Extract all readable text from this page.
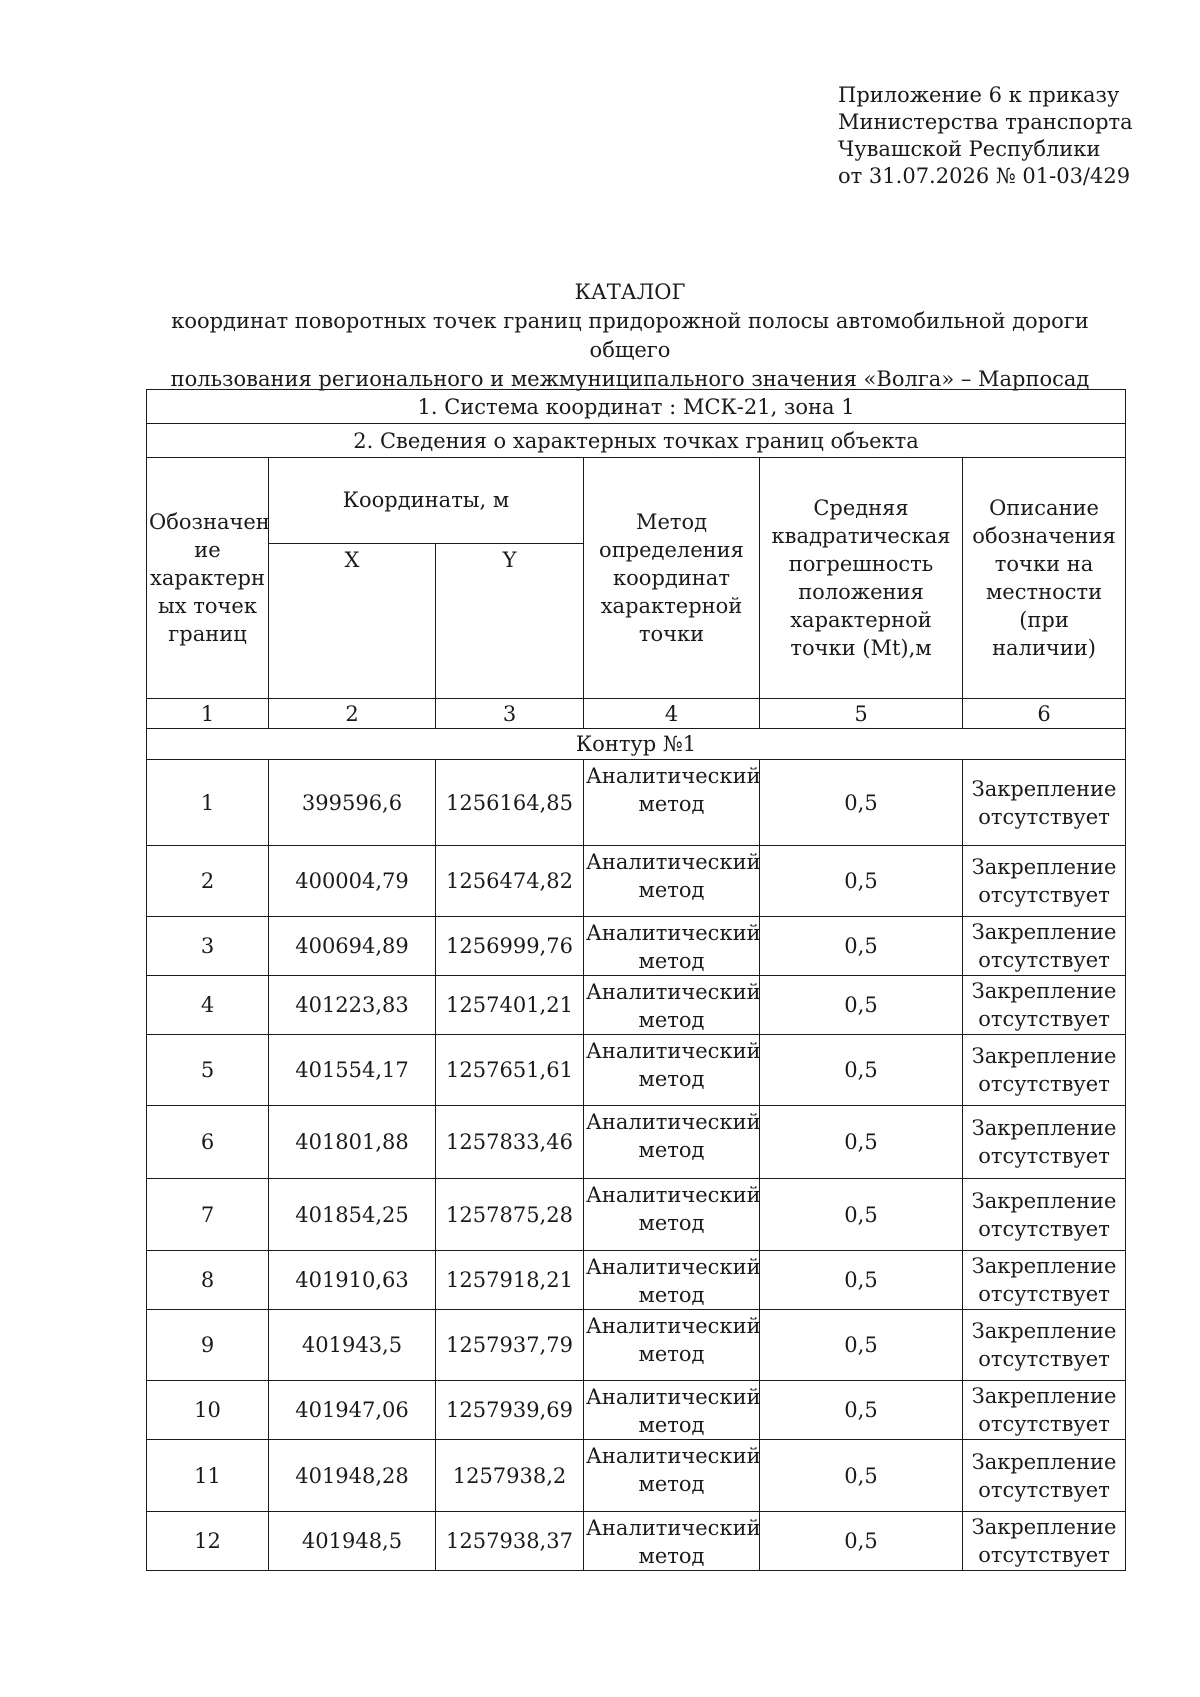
Приложение 6 к приказу
Министерства транспорта
Чувашской Республики
от 31.07.2026 № 01-03/429
КАТАЛОГ
координат поворотных точек границ придорожной полосы автомобильной дороги общего
пользования регионального и межмуниципального значения «Волга» – Марпосад
1. Система координат : МСК-21, зона 1					
2. Сведения о характерных точках границ объекта					
Обозначен ие характерн ых точек границ	Координаты, м		Метод определения координат характерной точки	Средняя квадратическая погрешность положения характерной точки (Mt),м	Описание обозначения точки на местности (при наличии)
	X	Y			
1	2	3	4	5	6
Контур №1					
1	399596,6	1256164,85	Аналитический метод	0,5	Закрепление отсутствует
2	400004,79	1256474,82	Аналитический метод	0,5	Закрепление отсутствует
3	400694,89	1256999,76	Аналитический метод	0,5	Закрепление отсутствует
4	401223,83	1257401,21	Аналитический метод	0,5	Закрепление отсутствует
5	401554,17	1257651,61	Аналитический метод	0,5	Закрепление отсутствует
6	401801,88	1257833,46	Аналитический метод	0,5	Закрепление отсутствует
7	401854,25	1257875,28	Аналитический метод	0,5	Закрепление отсутствует
8	401910,63	1257918,21	Аналитический метод	0,5	Закрепление отсутствует
9	401943,5	1257937,79	Аналитический метод	0,5	Закрепление отсутствует
10	401947,06	1257939,69	Аналитический метод	0,5	Закрепление отсутствует
11	401948,28	1257938,2	Аналитический метод	0,5	Закрепление отсутствует
12	401948,5	1257938,37	Аналитический метод	0,5	Закрепление отсутствует
